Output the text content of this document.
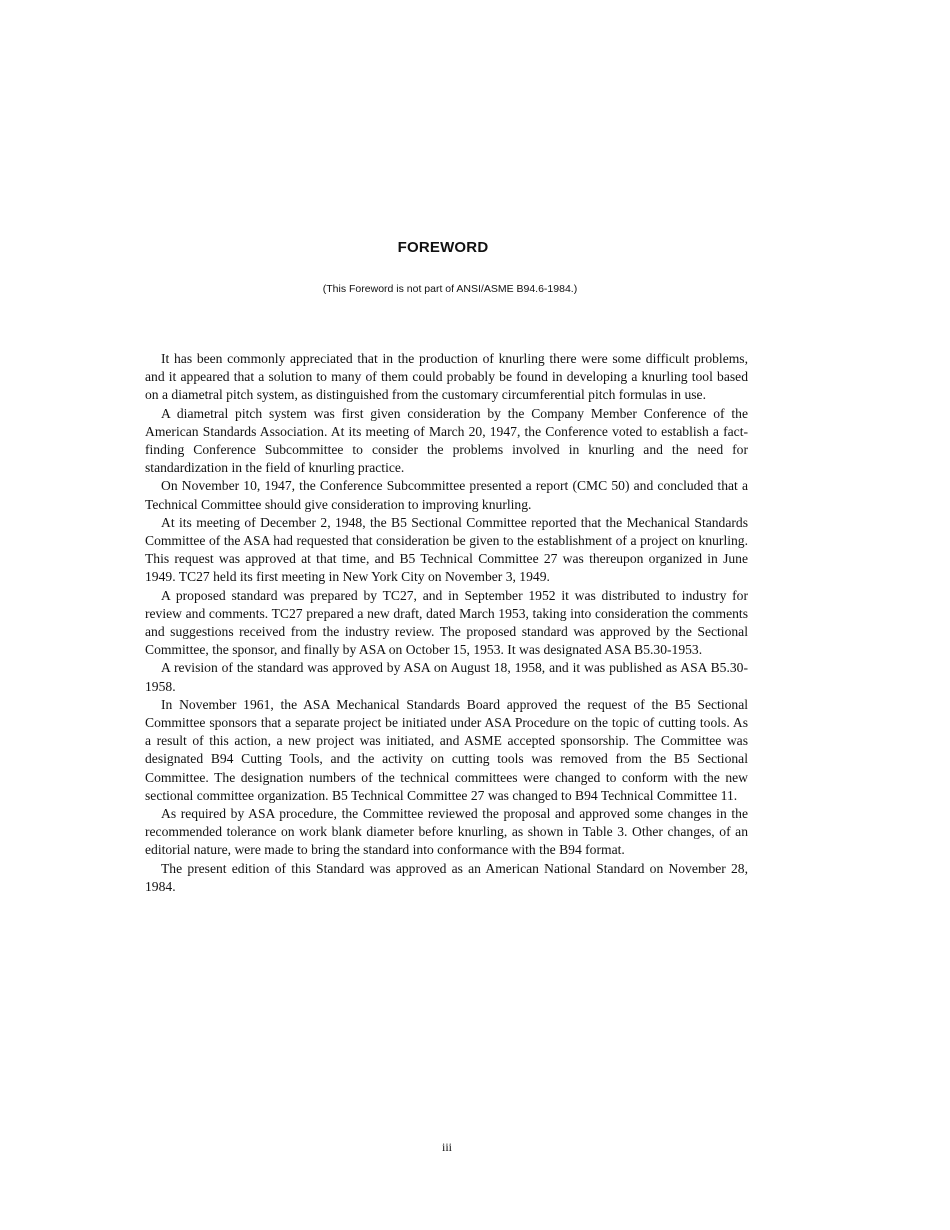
FOREWORD
(This Foreword is not part of ANSI/ASME B94.6-1984.)

It has been commonly appreciated that in the production of knurling there were some difficult problems, and it appeared that a solution to many of them could probably be found in developing a knurling tool based on a diametral pitch system, as distinguished from the customary circumferential pitch formulas in use.

A diametral pitch system was first given consideration by the Company Member Conference of the American Standards Association. At its meeting of March 20, 1947, the Conference voted to establish a fact-finding Conference Subcommittee to consider the problems involved in knurling and the need for standardization in the field of knurling practice.

On November 10, 1947, the Conference Subcommittee presented a report (CMC 50) and concluded that a Technical Committee should give consideration to improving knurling.

At its meeting of December 2, 1948, the B5 Sectional Committee reported that the Mechanical Standards Committee of the ASA had requested that consideration be given to the establishment of a project on knurling. This request was approved at that time, and B5 Technical Committee 27 was thereupon organized in June 1949. TC27 held its first meeting in New York City on November 3, 1949.

A proposed standard was prepared by TC27, and in September 1952 it was distributed to industry for review and comments. TC27 prepared a new draft, dated March 1953, taking into consideration the comments and suggestions received from the industry review. The proposed standard was approved by the Sectional Committee, the sponsor, and finally by ASA on October 15, 1953. It was designated ASA B5.30-1953.

A revision of the standard was approved by ASA on August 18, 1958, and it was published as ASA B5.30-1958.

In November 1961, the ASA Mechanical Standards Board approved the request of the B5 Sectional Committee sponsors that a separate project be initiated under ASA Procedure on the topic of cutting tools. As a result of this action, a new project was initiated, and ASME accepted sponsorship. The Committee was designated B94 Cutting Tools, and the activity on cutting tools was removed from the B5 Sectional Committee. The designation numbers of the technical committees were changed to conform with the new sectional committee organization. B5 Technical Committee 27 was changed to B94 Technical Committee 11.

As required by ASA procedure, the Committee reviewed the proposal and approved some changes in the recommended tolerance on work blank diameter before knurling, as shown in Table 3. Other changes, of an editorial nature, were made to bring the standard into conformance with the B94 format.

The present edition of this Standard was approved as an American National Standard on November 28, 1984.

iii
